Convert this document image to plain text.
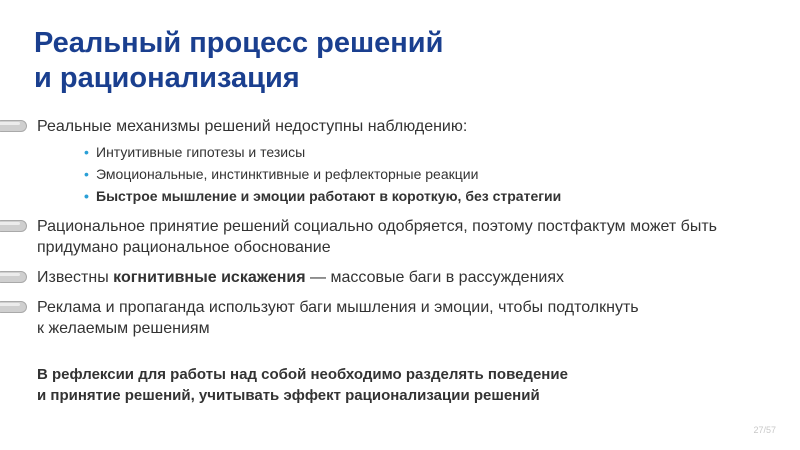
Реальный процесс решений
и рационализация
Реальные механизмы решений недоступны наблюдению:
• Интуитивные гипотезы и тезисы
• Эмоциональные, инстинктивные и рефлекторные реакции
• Быстрое мышление и эмоции работают в короткую, без стратегии
Рациональное принятие решений социально одобряется, поэтому постфактум может быть
придумано рациональное обоснование
Известны когнитивные искажения — массовые баги в рассуждениях
Реклама и пропаганда используют баги мышления и эмоции, чтобы подтолкнуть
к желаемым решениям
В рефлексии для работы над собой необходимо разделять поведение
и принятие решений, учитывать эффект рационализации решений
27/57
